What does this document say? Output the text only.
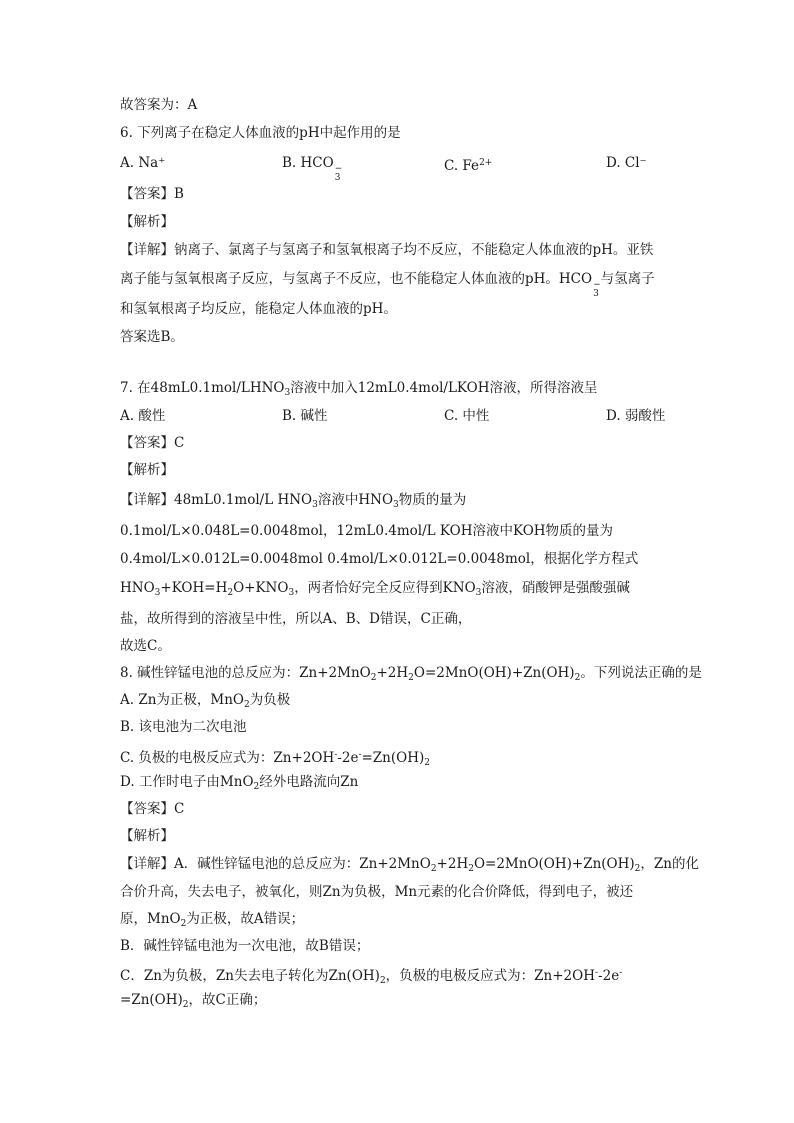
故答案为：A
6. 下列离子在稳定人体血液的pH中起作用的是
A. Na⁺	B. HCO −
3
C. $Fe^{2+}$	D. Cl⁻
【答案】B
【解析】
【详解】钠离子、氯离子与氢离子和氢氧根离子均不反应，不能稳定人体血液的pH。亚铁
离子能与氢氧根离子反应，与氢离子不反应，也不能稳定人体血液的pH。HCO −
3
与氢离子
和氢氧根离子均反应，能稳定人体血液的pH。
答案选B。
7. 在$48mL0.1mol/LHNO_3$溶液中加入12mL0.4mol/LKOH溶液，所得溶液呈
A. 酸性	B. 碱性	C. 中性	D. 弱酸性
【答案】C
【解析】
【详解】48mL0.1mol/L $HNO_3$溶液中$HNO_3$物质的量为
0.1mol/L×0.048L=0.0048mol，12mL0.4mol/L KOH溶液中KOH物质的量为
0.4mol/L×0.012L=0.0048mol 0.4mol/L×0.012L=0.0048mol，根据化学方程式
$HNO_3+KOH=H_2O+KNO_3$，两者恰好完全反应得到$KNO_3$溶液，硝酸钾是强酸强碱
盐，故所得到的溶液呈中性，所以A、B、D错误，C正确，
故选C。
8. 碱性锌锰电池的总反应为：$Zn+2MnO_2+2H_2O=2MnO(OH)+Zn(OH)_2$。下列说法正确的是
A. Zn为正极，MnO$_2$为负极
B. 该电池为二次电池
C. 负极的电极反应式为：$Zn+2OH^--2e^-=Zn(OH)_2$
D. 工作时电子由MnO$_2$经外电路流向Zn
【答案】C
【解析】
【详解】A．碱性锌锰电池的总反应为：$Zn+2MnO_2+2H_2O=2MnO(OH)+Zn(OH)_2$，Zn的化
合价升高，失去电子，被氧化，则Zn为负极，Mn元素的化合价降低，得到电子，被还
原，MnO$_2$为正极，故A错误；
B．碱性锌锰电池为一次电池，故B错误；
C．Zn为负极，Zn失去电子转化为$Zn(OH)_2$，负极的电极反应式为：Zn+2OH--2e-
$=Zn(OH)_2$，故C正确；
